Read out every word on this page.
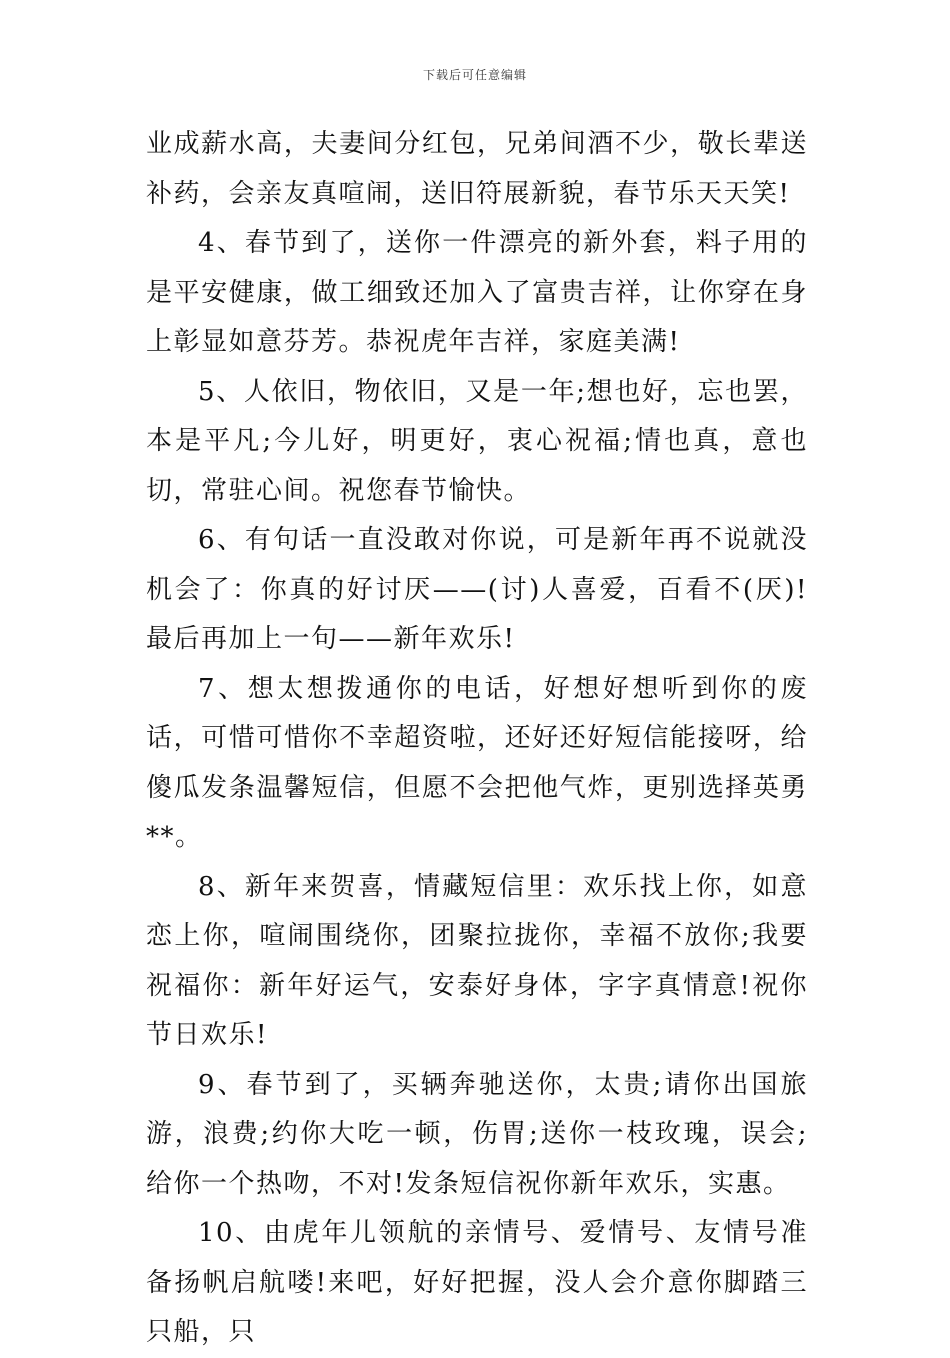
下载后可任意编辑

业成薪水高，夫妻间分红包，兄弟间酒不少，敬长辈送补药，会亲友真喧闹，送旧符展新貌，春节乐天天笑!

4、春节到了，送你一件漂亮的新外套，料子用的是平安健康，做工细致还加入了富贵吉祥，让你穿在身上彰显如意芬芳。恭祝虎年吉祥，家庭美满!

5、人依旧，物依旧，又是一年;想也好，忘也罢，本是平凡;今儿好，明更好，衷心祝福;情也真，意也切，常驻心间。祝您春节愉快。

6、有句话一直没敢对你说，可是新年再不说就没机会了：你真的好讨厌——(讨)人喜爱，百看不(厌)!最后再加上一句——新年欢乐!

7、想太想拨通你的电话，好想好想听到你的废话，可惜可惜你不幸超资啦，还好还好短信能接呀，给傻瓜发条温馨短信，但愿不会把他气炸，更别选择英勇**。

8、新年来贺喜，情藏短信里：欢乐找上你，如意恋上你，喧闹围绕你，团聚拉拢你，幸福不放你;我要祝福你：新年好运气，安泰好身体，字字真情意!祝你节日欢乐!

9、春节到了，买辆奔驰送你，太贵;请你出国旅游，浪费;约你大吃一顿，伤胃;送你一枝玫瑰，误会;给你一个热吻，不对!发条短信祝你新年欢乐，实惠。

10、由虎年儿领航的亲情号、爱情号、友情号准备扬帆启航喽!来吧，好好把握，没人会介意你脚踏三只船，只
